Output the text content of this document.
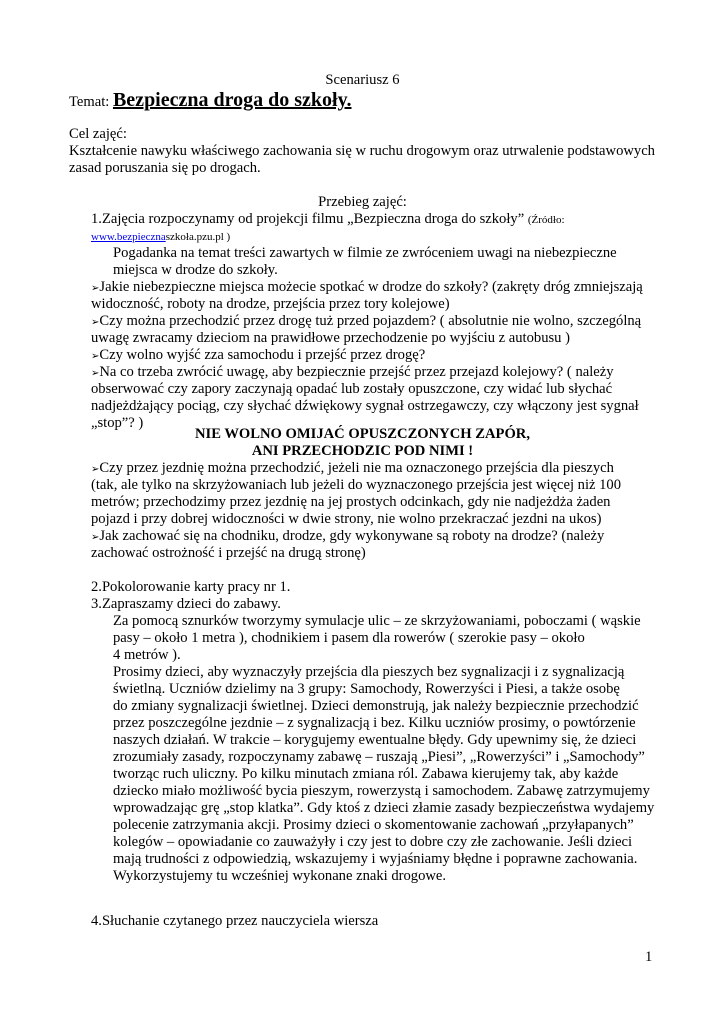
Scenariusz 6
Temat: Bezpieczna droga do szkoły.
Cel zajęć:
Kształcenie nawyku właściwego zachowania się w ruchu drogowym oraz utrwalenie podstawowych
zasad poruszania się po drogach.
Przebieg zajęć:
1.Zajęcia rozpoczynamy od projekcji filmu „Bezpieczna droga do szkoły” (Źródło:
www.bezpiecznaszkoła.pzu.pl )
Pogadanka na temat treści zawartych w filmie ze zwróceniem uwagi na niebezpieczne
miejsca w drodze do szkoły.
➢Jakie niebezpieczne miejsca możecie spotkać w drodze do szkoły? (zakręty dróg zmniejszają
widoczność, roboty na drodze, przejścia przez tory kolejowe)
➢Czy można przechodzić przez drogę tuż przed pojazdem? ( absolutnie nie wolno, szczególną
uwagę zwracamy dzieciom na prawidłowe przechodzenie po wyjściu z autobusu )
➢Czy wolno wyjść zza samochodu i przejść przez drogę?
➢Na co trzeba zwrócić uwagę, aby bezpiecznie przejść przez przejazd kolejowy? ( należy
obserwować czy zapory zaczynają opadać lub zostały opuszczone, czy widać lub słychać
nadjeżdżający pociąg, czy słychać dźwiękowy sygnał ostrzegawczy, czy włączony jest sygnał
„stop”? )
NIE WOLNO OMIJAĆ OPUSZCZONYCH ZAPÓR,
ANI PRZECHODZIC POD NIMI !
➢Czy przez jezdnię można przechodzić, jeżeli nie ma oznaczonego przejścia dla pieszych
(tak, ale tylko na skrzyżowaniach lub jeżeli do wyznaczonego przejścia jest więcej niż 100
metrów; przechodzimy przez jezdnię na jej prostych odcinkach, gdy nie nadjeżdża żaden
pojazd i przy dobrej widoczności w dwie strony, nie wolno przekraczać jezdni na ukos)
➢Jak zachować się na chodniku, drodze, gdy wykonywane są roboty na drodze? (należy
zachować ostrożność i przejść na drugą stronę)
2.Pokolorowanie karty pracy nr 1.
3.Zapraszamy dzieci do zabawy.
Za pomocą sznurków tworzymy symulacje ulic – ze skrzyżowaniami, poboczami ( wąskie
pasy – około 1 metra ), chodnikiem i pasem dla rowerów ( szerokie pasy – około
4 metrów ).
Prosimy dzieci, aby wyznaczyły przejścia dla pieszych bez sygnalizacji i z sygnalizacją
świetlną. Uczniów dzielimy na 3 grupy: Samochody, Rowerzyści i Piesi, a także osobę
do zmiany sygnalizacji świetlnej. Dzieci demonstrują, jak należy bezpiecznie przechodzić
przez poszczególne jezdnie – z sygnalizacją i bez. Kilku uczniów prosimy, o powtórzenie
naszych działań. W trakcie – korygujemy ewentualne błędy. Gdy upewnimy się, że dzieci
zrozumiały zasady, rozpoczynamy zabawę – ruszają „Piesi”, „Rowerzyści” i „Samochody”
tworząc ruch uliczny. Po kilku minutach zmiana ról. Zabawa kierujemy tak, aby każde
dziecko miało możliwość bycia pieszym, rowerzystą i samochodem. Zabawę zatrzymujemy
wprowadzając grę „stop klatka”. Gdy ktoś z dzieci złamie zasady bezpieczeństwa wydajemy
polecenie zatrzymania akcji. Prosimy dzieci o skomentowanie zachowań „przyłapanych”
kolegów – opowiadanie co zauważyły i czy jest to dobre czy złe zachowanie. Jeśli dzieci
mają trudności z odpowiedzią, wskazujemy i wyjaśniamy błędne i poprawne zachowania.
Wykorzystujemy tu wcześniej wykonane znaki drogowe.
4.Słuchanie czytanego przez nauczyciela wiersza
1
